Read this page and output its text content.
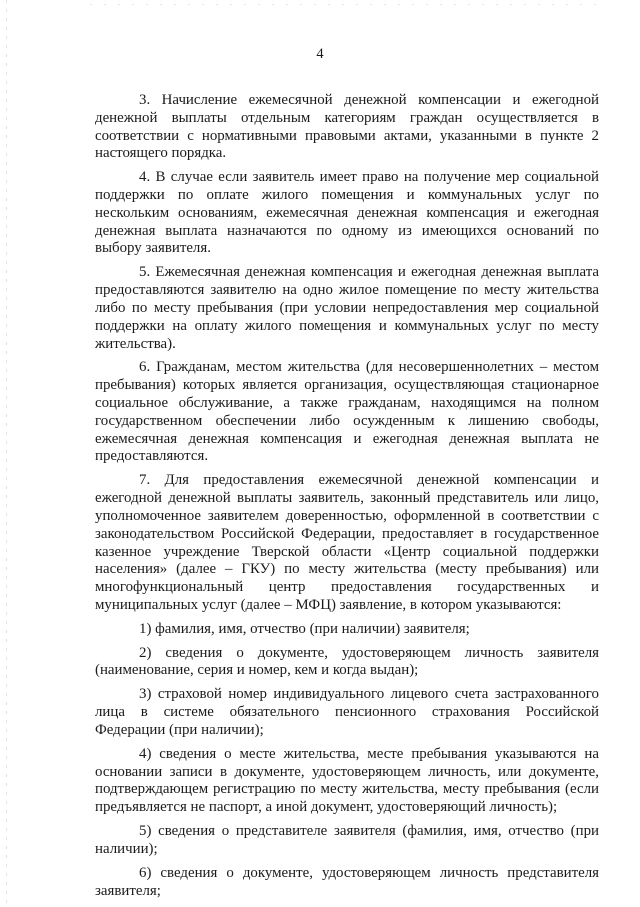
4

3. Начисление ежемесячной денежной компенсации и ежегодной денежной выплаты отдельным категориям граждан осуществляется в соответствии с нормативными правовыми актами, указанными в пункте 2 настоящего порядка.

4. В случае если заявитель имеет право на получение мер социальной поддержки по оплате жилого помещения и коммунальных услуг по нескольким основаниям, ежемесячная денежная компенсация и ежегодная денежная выплата назначаются по одному из имеющихся оснований по выбору заявителя.

5. Ежемесячная денежная компенсация и ежегодная денежная выплата предоставляются заявителю на одно жилое помещение по месту жительства либо по месту пребывания (при условии непредоставления мер социальной поддержки на оплату жилого помещения и коммунальных услуг по месту жительства).

6. Гражданам, местом жительства (для несовершеннолетних – местом пребывания) которых является организация, осуществляющая стационарное социальное обслуживание, а также гражданам, находящимся на полном государственном обеспечении либо осужденным к лишению свободы, ежемесячная денежная компенсация и ежегодная денежная выплата не предоставляются.

7. Для предоставления ежемесячной денежной компенсации и ежегодной денежной выплаты заявитель, законный представитель или лицо, уполномоченное заявителем доверенностью, оформленной в соответствии с законодательством Российской Федерации, предоставляет в государственное казенное учреждение Тверской области «Центр социальной поддержки населения» (далее – ГКУ) по месту жительства (месту пребывания) или многофункциональный центр предоставления государственных и муниципальных услуг (далее – МФЦ) заявление, в котором указываются:

1) фамилия, имя, отчество (при наличии) заявителя;

2) сведения о документе, удостоверяющем личность заявителя (наименование, серия и номер, кем и когда выдан);

3) страховой номер индивидуального лицевого счета застрахованного лица в системе обязательного пенсионного страхования Российской Федерации (при наличии);

4) сведения о месте жительства, месте пребывания указываются на основании записи в документе, удостоверяющем личность, или документе, подтверждающем регистрацию по месту жительства, месту пребывания (если предъявляется не паспорт, а иной документ, удостоверяющий личность);

5) сведения о представителе заявителя (фамилия, имя, отчество (при наличии);

6) сведения о документе, удостоверяющем личность представителя заявителя;
